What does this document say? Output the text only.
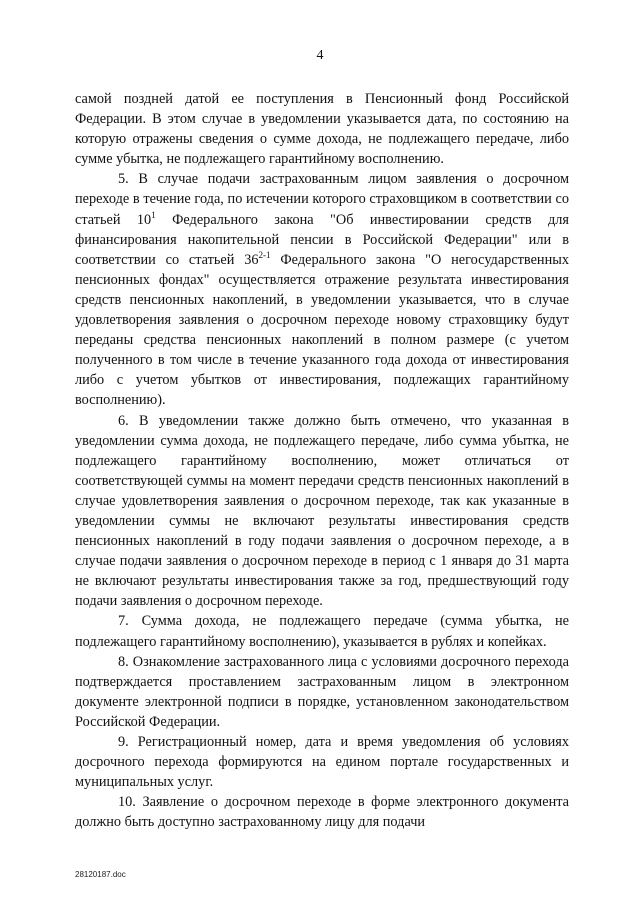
4

самой поздней датой ее поступления в Пенсионный фонд Российской Федерации. В этом случае в уведомлении указывается дата, по состоянию на которую отражены сведения о сумме дохода, не подлежащего передаче, либо сумме убытка, не подлежащего гарантийному восполнению.

5. В случае подачи застрахованным лицом заявления о досрочном переходе в течение года, по истечении которого страховщиком в соответствии со статьей $10^1$ Федерального закона "Об инвестировании средств для финансирования накопительной пенсии в Российской Федерации" или в соответствии со статьей 36$^{2-1}$ Федерального закона "О негосударственных пенсионных фондах" осуществляется отражение результата инвестирования средств пенсионных накоплений, в уведомлении указывается, что в случае удовлетворения заявления о досрочном переходе новому страховщику будут переданы средства пенсионных накоплений в полном размере (с учетом полученного в том числе в течение указанного года дохода от инвестирования либо с учетом убытков от инвестирования, подлежащих гарантийному восполнению).

6. В уведомлении также должно быть отмечено, что указанная в уведомлении сумма дохода, не подлежащего передаче, либо сумма убытка, не подлежащего гарантийному восполнению, может отличаться от соответствующей суммы на момент передачи средств пенсионных накоплений в случае удовлетворения заявления о досрочном переходе, так как указанные в уведомлении суммы не включают результаты инвестирования средств пенсионных накоплений в году подачи заявления о досрочном переходе, а в случае подачи заявления о досрочном переходе в период с 1 января до 31 марта не включают результаты инвестирования также за год, предшествующий году подачи заявления о досрочном переходе.

7. Сумма дохода, не подлежащего передаче (сумма убытка, не подлежащего гарантийному восполнению), указывается в рублях и копейках.

8. Ознакомление застрахованного лица с условиями досрочного перехода подтверждается проставлением застрахованным лицом в электронном документе электронной подписи в порядке, установленном законодательством Российской Федерации.

9. Регистрационный номер, дата и время уведомления об условиях досрочного перехода формируются на едином портале государственных и муниципальных услуг.

10. Заявление о досрочном переходе в форме электронного документа должно быть доступно застрахованному лицу для подачи

28120187.doc
